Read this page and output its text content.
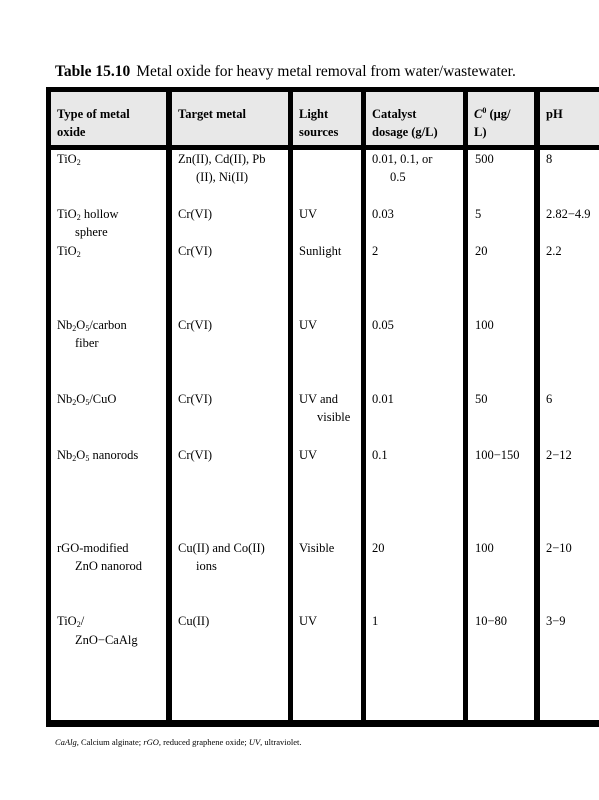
Table 15.10 Metal oxide for heavy metal removal from water/wastewater.
Type of metal
oxide
Target metal	Light
sources
Catalyst
dosage (g/L)
$C^0$ (μg/
L)
pH
TiO$_2$
TiO$_2$ hollow
sphere
TiO$_2$
$Nb_2O_5$/carbon
fiber
$Nb_2O_5$/CuO
$Nb_2O_5$ nanorods
rGO-modified
ZnO nanorod
TiO$_2$/
ZnO−CaAlg
Zn(II), Cd(II), Pb
(II), Ni(II)
Cr(VI)
Cr(VI)
Cr(VI)
Cr(VI)
Cr(VI)
Cu(II) and Co(II)
ions
Cu(II)
UV
Sunlight
UV
UV and
visible
UV
Visible
UV
0.01, 0.1, or
0.5
0.03
2
0.05
0.01
0.1
20
1
500
5
20
100
50
100−150
100
10−80
8
2.82−4.9
2.2
6
2−12
2−10
3−9
CaAlg, Calcium alginate; rGO, reduced graphene oxide; UV, ultraviolet.
